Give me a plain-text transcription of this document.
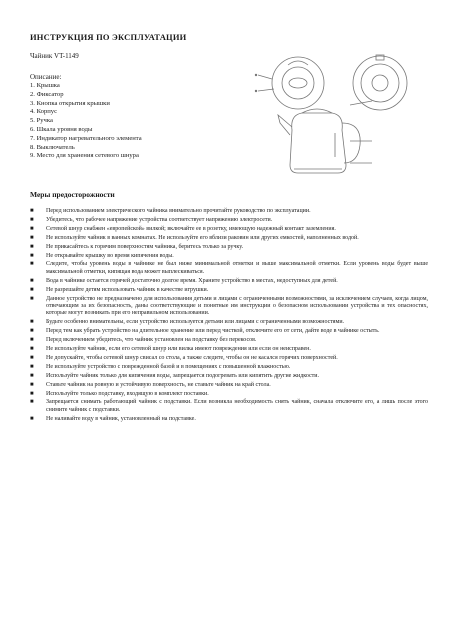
ИНСТРУКЦИЯ ПО ЭКСПЛУАТАЦИИ
Чайник VT-1149
Описание:
1. Крышка
2. Фиксатор
3. Кнопка открытия крышки
4. Корпус
5. Ручка
6. Шкала уровня воды
7. Индикатор нагревательного элемента
8. Выключатель
9. Место для хранения сетевого шнура
Меры предосторожности
■ Перед использованием электрического чайника внимательно прочитайте руководство по эксплуатации.
■ Убедитесь, что рабочее напряжение устройства соответствует напряжению электросети.
■ Сетевой шнур снабжен «европейской» вилкой; включайте ее в розетку, имеющую надежный контакт заземления.
■ Не используйте чайник в ванных комнатах. Не используйте его вблизи раковин или других емкостей, наполненных водой.
■ Не прикасайтесь к горячим поверхностям чайника, беритесь только за ручку.
■ Не открывайте крышку во время кипячения воды.
■ Следите, чтобы уровень воды в чайнике не был ниже минимальной отметки и выше максимальной отметки. Если уровень воды будет выше максимальной отметки, кипящая вода может выплескиваться.
■ Вода в чайнике остается горячей достаточно долгое время. Храните устройство в местах, недоступных для детей.
■ Не разрешайте детям использовать чайник в качестве игрушки.
■ Данное устройство не предназначено для использования детьми и лицами с ограниченными возможностями, за исключением случаев, когда лицом, отвечающим за их безопасность, даны соответствующие и понятные им инструкции о безопасном использовании устройства и тех опасностях, которые могут возникать при его неправильном использовании.
■ Будьте особенно внимательны, если устройство используется детьми или лицами с ограниченными возможностями.
■ Перед тем как убрать устройство на длительное хранение или перед чисткой, отключите его от сети, дайте воде в чайнике остыть.
■ Перед включением убедитесь, что чайник установлен на подставку без перекосов.
■ Не используйте чайник, если его сетевой шнур или вилка имеют повреждения или если он неисправен.
■ Не допускайте, чтобы сетевой шнур свисал со стола, а также следите, чтобы он не касался горячих поверхностей.
■ Не используйте устройство с поврежденной базой и в помещениях с повышенной влажностью.
■ Используйте чайник только для кипячения воды, запрещается подогревать или кипятить другие жидкости.
■ Ставьте чайник на ровную и устойчивую поверхность, не ставьте чайник на край стола.
■ Используйте только подставку, входящую в комплект поставки.
■ Запрещается снимать работающий чайник с подставки. Если возникла необходимость снять чайник, сначала отключите его, а лишь после этого снимите чайник с подставки.
■ Не наливайте воду в чайник, установленный на подставке.
